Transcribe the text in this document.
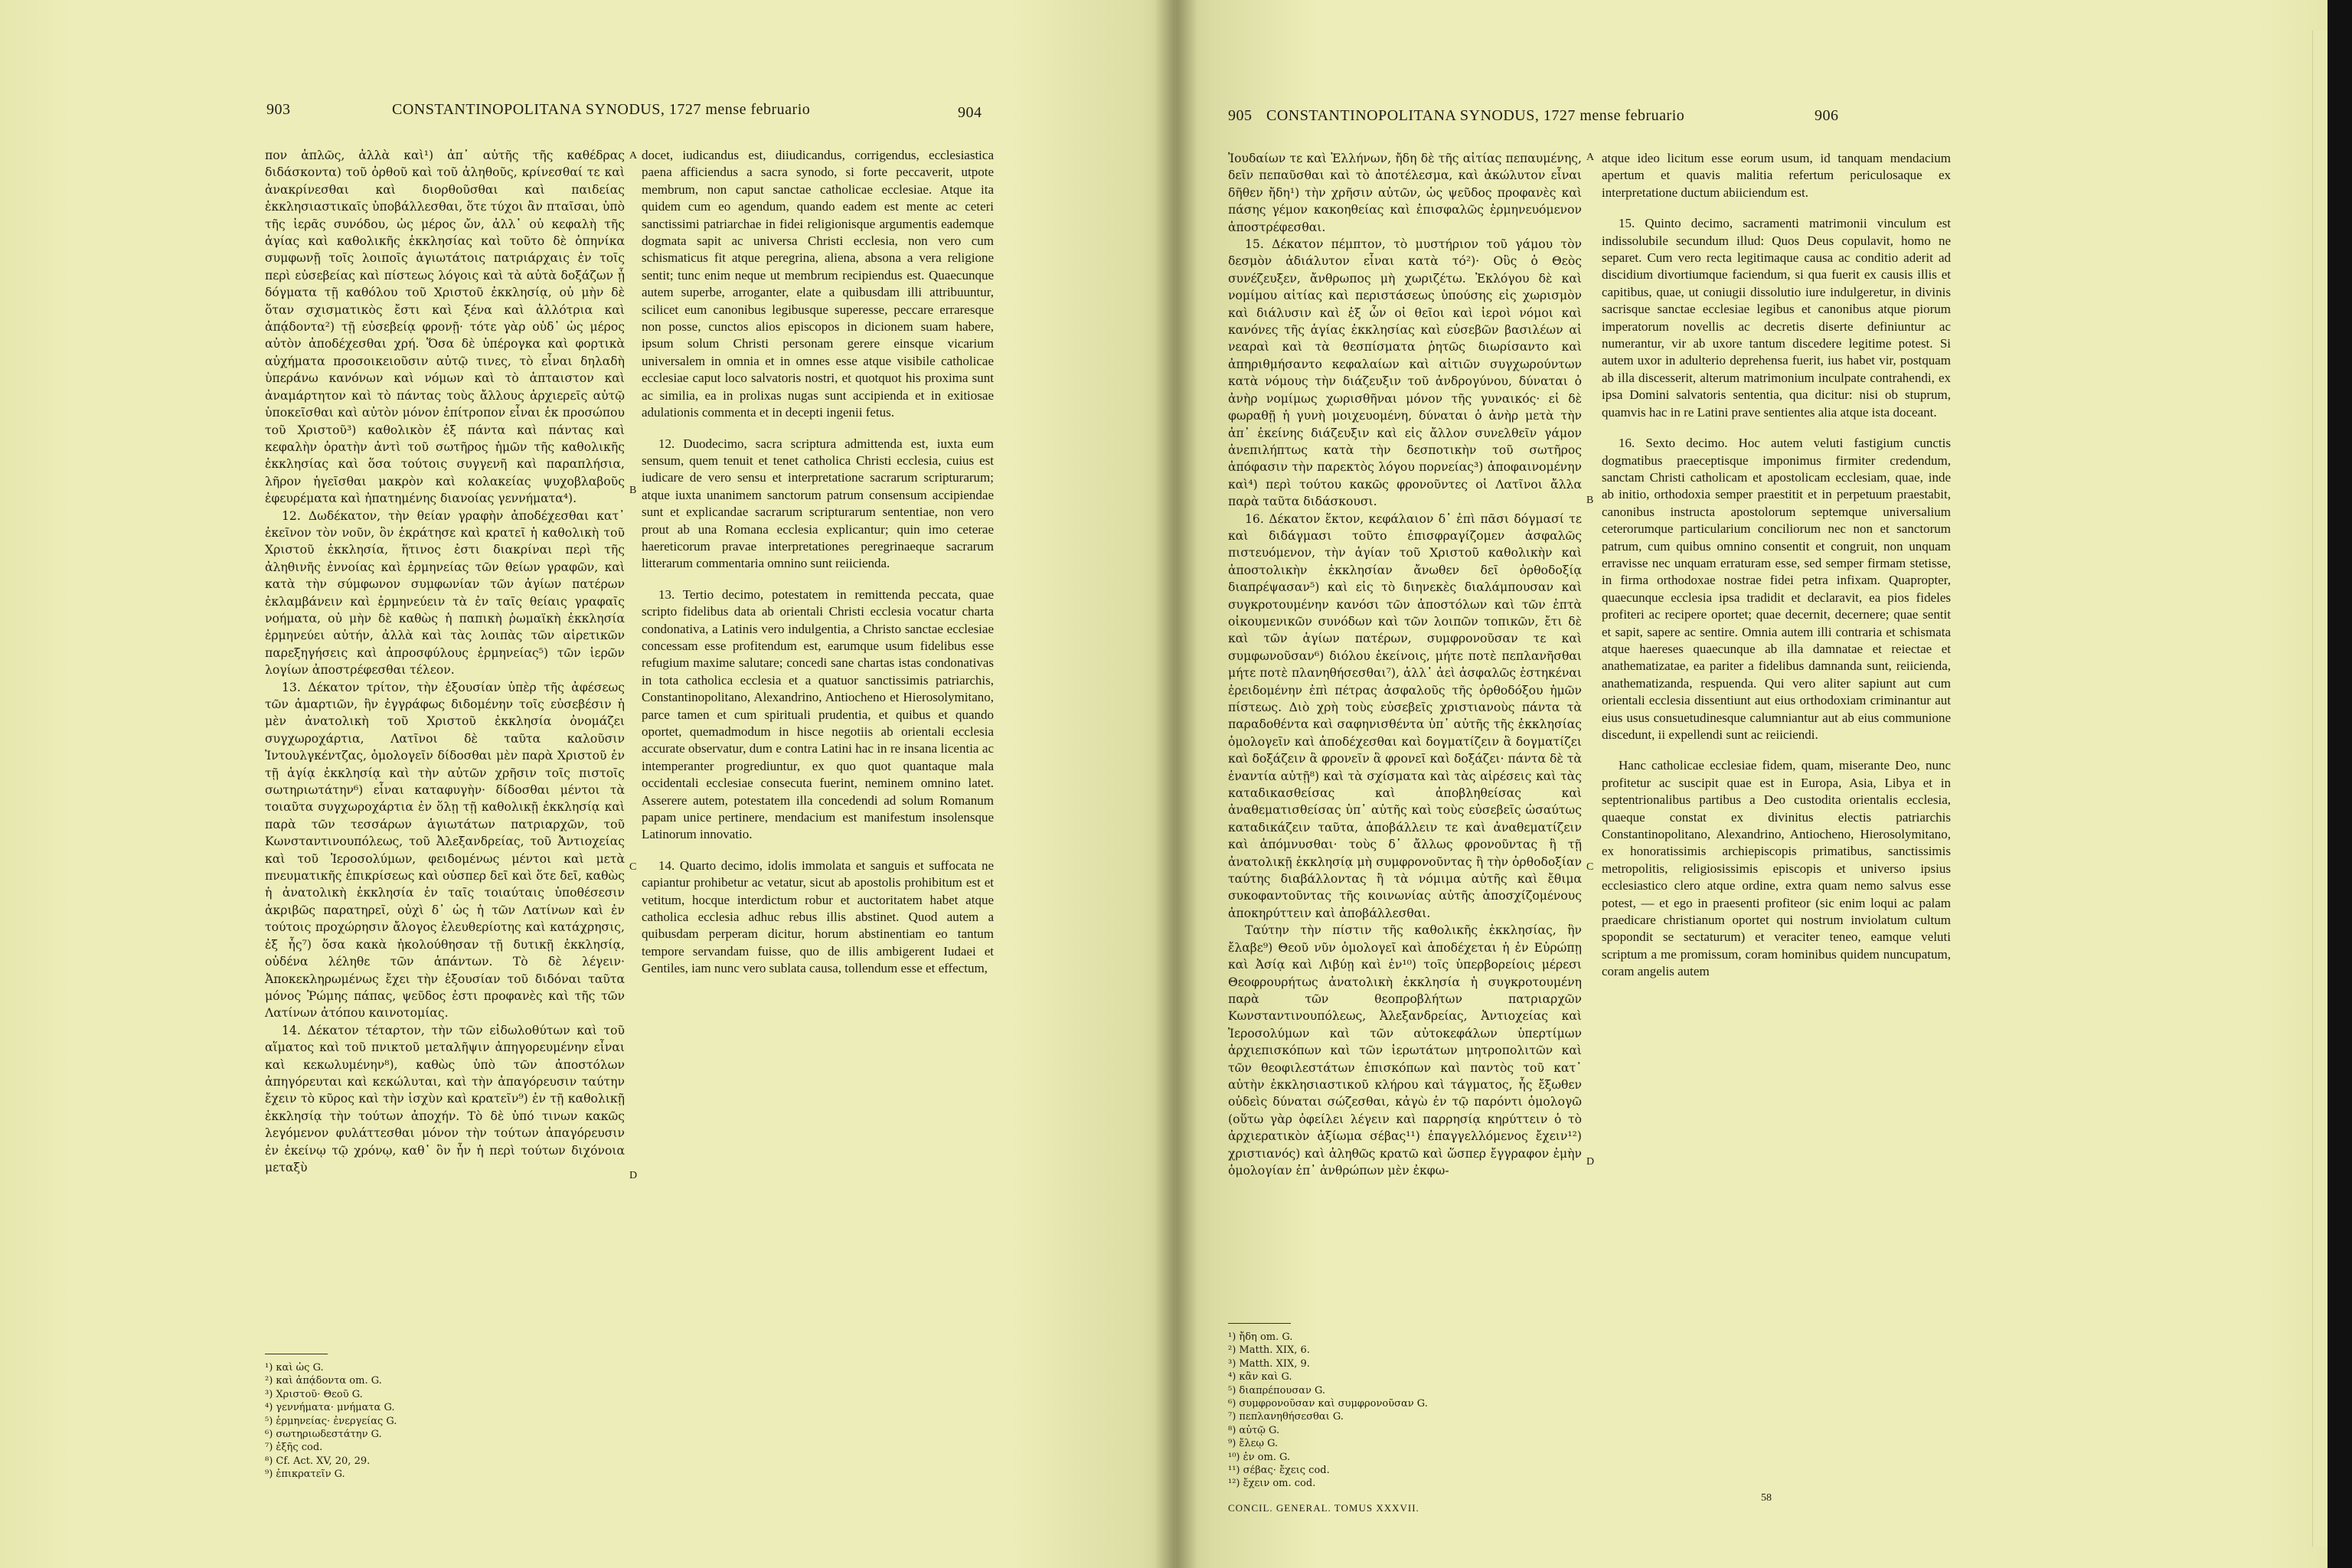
903	CONSTANTINOPOLITANA SYNODUS, 1727 mense februario	904

πον ἁπλῶς, ἀλλὰ καὶ¹) ἀπ᾽ αὐτῆς τῆς καθέδρας διδάσκοντα) τοῦ ὀρθοῦ καὶ τοῦ ἀληθοῦς, κρίνεσθαί τε καὶ ἀνακρίνεσθαι καὶ διορθοῦσθαι καὶ παιδείας ἐκκλησιαστικαῖς ὑποβάλλεσθαι, ὅτε τύχοι ἂν πταῖσαι, ὑπὸ τῆς ἱερᾶς συνόδου, ὡς μέρος ὤν, ἀλλ᾽ οὐ κεφαλὴ τῆς ἁγίας καὶ καθολικῆς ἐκκλησίας καὶ τοῦτο δὲ ὁπηνίκα συμφωνῇ τοῖς λοιποῖς ἁγιωτάτοις πατριάρχαις ἐν τοῖς περὶ εὐσεβείας καὶ πίστεως λόγοις καὶ τὰ αὐτὰ δοξάζων ᾖ δόγματα τῇ καθόλου τοῦ Χριστοῦ ἐκκλησίᾳ, οὐ μὴν δὲ ὅταν σχισματικὸς ἔστι καὶ ξένα καὶ ἀλλότρια καὶ ἀπᾴδοντα²) τῇ εὐσεβείᾳ φρονῇ· τότε γὰρ οὐδ᾽ ὡς μέρος αὐτὸν ἀποδέχεσθαι χρή. Ὅσα δὲ ὑπέρογκα καὶ φορτικὰ αὐχήματα προσοικειοῦσιν αὐτῷ τινες, τὸ εἶναι δηλαδὴ ὑπεράνω κανόνων καὶ νόμων καὶ τὸ ἀπταιστον καὶ ἀναμάρτητον καὶ τὸ πάντας τοὺς ἄλλους ἀρχιερεῖς αὐτῷ ὑποκεῖσθαι καὶ αὐτὸν μόνον ἐπίτροπον εἶναι ἐκ προσώπου τοῦ Χριστοῦ³) καθολικὸν ἐξ πάντα καὶ πάντας καὶ κεφαλὴν ὁρατὴν ἀντὶ τοῦ σωτῆρος ἡμῶν τῆς καθολικῆς ἐκκλησίας καὶ ὅσα τούτοις συγγενῆ καὶ παραπλήσια, λῆρον ἡγεῖσθαι μακρὸν καὶ κολακείας ψυχοβλαβοῦς ἐφευρέματα καὶ ἠπατημένης διανοίας γεννήματα⁴).

12. Δωδέκατον, τὴν θείαν γραφὴν ἀποδέχεσθαι κατ᾽ ἐκεῖνον τὸν νοῦν, ὃν ἐκράτησε καὶ κρατεῖ ἡ καθολικὴ τοῦ Χριστοῦ ἐκκλησία, ἥτινος ἐστι διακρίναι περὶ τῆς ἀληθινῆς ἐννοίας καὶ ἑρμηνείας τῶν θείων γραφῶν, καὶ κατὰ τὴν σύμφωνον συμφωνίαν τῶν ἁγίων πατέρων ἐκλαμβάνειν καὶ ἑρμηνεύειν τὰ ἐν ταῖς θείαις γραφαῖς νοήματα, οὐ μὴν δὲ καθὼς ἡ παπικὴ ῥωμαϊκὴ ἐκκλησία ἑρμηνεύει αὐτήν, ἀλλὰ καὶ τὰς λοιπὰς τῶν αἱρετικῶν παρεξηγήσεις καὶ ἀπροσφύλους ἑρμηνείας⁵) τῶν ἱερῶν λογίων ἀποστρέφεσθαι τέλεον.

13. Δέκατον τρίτον, τὴν ἐξουσίαν ὑπὲρ τῆς ἀφέσεως τῶν ἁμαρτιῶν, ἣν ἐγγράφως διδομένην τοῖς εὐσεβέσιν ἡ μὲν ἀνατολικὴ τοῦ Χριστοῦ ἐκκλησία ὀνομάζει συγχωροχάρτια, Λατῖνοι δὲ ταῦτα καλοῦσιν Ἰντουλγκέντζας, ὁμολογεῖν δίδοσθαι μὲν παρὰ Χριστοῦ ἐν τῇ ἁγίᾳ ἐκκλησίᾳ καὶ τὴν αὐτῶν χρῆσιν τοῖς πιστοῖς σωτηριωτάτην⁶) εἶναι καταφυγὴν· δίδοσθαι μέντοι τὰ τοιαῦτα συγχωροχάρτια ἐν ὅλῃ τῇ καθολικῇ ἐκκλησίᾳ καὶ παρὰ τῶν τεσσάρων ἁγιωτάτων πατριαρχῶν, τοῦ Κωνσταντινουπόλεως, τοῦ Ἀλεξανδρείας, τοῦ Ἀντιοχείας καὶ τοῦ Ἱεροσολύμων, φειδομένως μέντοι καὶ μετὰ πνευματικῆς ἐπικρίσεως καὶ οὐσπερ δεῖ καὶ ὅτε δεῖ, καθὼς ἡ ἀνατολικὴ ἐκκλησία ἐν ταῖς τοιαύταις ὑποθέσεσιν ἀκριβῶς παρατηρεῖ, οὐχὶ δ᾽ ὡς ἡ τῶν Λατίνων καὶ ἐν τούτοις προχώρησιν ἄλογος ἐλευθερίοτης καὶ κατάχρησις, ἐξ ἧς⁷) ὅσα κακὰ ἠκολούθησαν τῇ δυτικῇ ἐκκλησίᾳ, οὐδένα λέληθε τῶν ἁπάντων. Τὸ δὲ λέγειν· Ἀποκεκληρωμένως ἔχει τὴν ἐξουσίαν τοῦ διδόναι ταῦτα μόνος Ῥώμης πάπας, ψεῦδος ἐστι προφανὲς καὶ τῆς τῶν Λατίνων ἀτόπου καινοτομίας.

14. Δέκατον τέταρτον, τὴν τῶν εἰδωλοθύτων καὶ τοῦ αἵματος καὶ τοῦ πνικτοῦ μεταλῆψιν ἀπηγορευμένην εἶναι καὶ κεκωλυμένην⁸), καθὼς ὑπὸ τῶν ἀποστόλων ἀπηγόρευται καὶ κεκώλυται, καὶ τὴν ἀπαγόρευσιν ταύτην ἔχειν τὸ κῦρος καὶ τὴν ἰσχὺν καὶ κρατεῖν⁹) ἐν τῇ καθολικῇ ἐκκλησίᾳ τὴν τούτων ἀποχήν. Τὸ δὲ ὑπό τινων κακῶς λεγόμενον φυλάττεσθαι μόνον τὴν τούτων ἀπαγόρευσιν ἐν ἐκείνῳ τῷ χρόνῳ, καθ᾽ ὃν ἦν ἡ περὶ τούτων διχόνοια μεταξὺ

docet, iudicandus est, diiudicandus, corrigendus, ecclesiastica paena afficiendus a sacra synodo, si forte peccaverit, utpote membrum, non caput sanctae catholicae ecclesiae. Atque ita quidem cum eo agendum, quando eadem est mente ac ceteri sanctissimi patriarchae in fidei religionisque argumentis eademque dogmata sapit ac universa Christi ecclesia, non vero cum schismaticus fit atque peregrina, aliena, absona a vera religione sentit; tunc enim neque ut membrum recipiendus est. Quaecunque autem superbe, arroganter, elate a quibusdam illi attribuuntur, scilicet eum canonibus legibusque superesse, peccare erraresque non posse, cunctos alios episcopos in dicionem suam habere, ipsum solum Christi personam gerere einsque vicarium universalem in omnia et in omnes esse atque visibile catholicae ecclesiae caput loco salvatoris nostri, et quotquot his proxima sunt ac similia, ea in prolixas nugas sunt accipienda et in exitiosae adulationis commenta et in decepti ingenii fetus.

12. Duodecimo, sacra scriptura admittenda est, iuxta eum sensum, quem tenuit et tenet catholica Christi ecclesia, cuius est iudicare de vero sensu et interpretatione sacrarum scripturarum; atque iuxta unanimem sanctorum patrum consensum accipiendae sunt et explicandae sacrarum scripturarum sententiae, non vero prout ab una Romana ecclesia explicantur; quin imo ceterae haereticorum pravae interpretationes peregrinaeque sacrarum litterarum commentaria omnino sunt reiicienda.

13. Tertio decimo, potestatem in remittenda peccata, quae scripto fidelibus data ab orientali Christi ecclesia vocatur charta condonativa, a Latinis vero indulgentia, a Christo sanctae ecclesiae concessam esse profitendum est, earumque usum fidelibus esse refugium maxime salutare; concedi sane chartas istas condonativas in tota catholica ecclesia et a quatuor sanctissimis patriarchis, Constantinopolitano, Alexandrino, Antiocheno et Hierosolymitano, parce tamen et cum spirituali prudentia, et quibus et quando oportet, quemadmodum in hisce negotiis ab orientali ecclesia accurate observatur, dum e contra Latini hac in re insana licentia ac intemperanter progrediuntur, ex quo quot quantaque mala occidentali ecclesiae consecuta fuerint, neminem omnino latet. Asserere autem, potestatem illa concedendi ad solum Romanum papam unice pertinere, mendacium est manifestum insolensque Latinorum innovatio.

14. Quarto decimo, idolis immolata et sanguis et suffocata ne capiantur prohibetur ac vetatur, sicut ab apostolis prohibitum est et vetitum, hocque interdictum robur et auctoritatem habet atque catholica ecclesia adhuc rebus illis abstinet. Quod autem a quibusdam perperam dicitur, horum abstinentiam eo tantum tempore servandam fuisse, quo de illis ambigerent Iudaei et Gentiles, iam nunc vero sublata causa, tollendum esse et effectum,

A
B
C
D
¹) καὶ ὡς G.
²) καὶ ἀπᾴδοντα om. G.
³) Χριστοῦ· Θεοῦ G.
⁴) γεννήματα· μνήματα G.
⁵) ἑρμηνείας· ἐνεργείας G.
⁶) σωτηριωδεστάτην G.
⁷) ἐξῆς cod.
⁸) Cf. Act. XV, 20, 29.
⁹) ἐπικρατεῖν G.
905 CONSTANTINOPOLITANA SYNODUS, 1727 mense februario	906

Ἰουδαίων τε καὶ Ἑλλήνων, ἤδη δὲ τῆς αἰτίας πεπαυμένης, δεῖν πεπαῦσθαι καὶ τὸ ἀποτέλεσμα, καὶ ἀκώλυτον εἶναι δῆθεν ἤδη¹) τὴν χρῆσιν αὐτῶν, ὡς ψεῦδος προφανὲς καὶ πάσης γέμον κακοηθείας καὶ ἐπισφαλῶς ἑρμηνευόμενον ἀποστρέφεσθαι.

15. Δέκατον πέμπτον, τὸ μυστήριον τοῦ γάμου τὸν δεσμὸν ἀδιάλυτον εἶναι κατὰ τό²)· Οὓς ὁ Θεὸς συνέζευξεν, ἄνθρωπος μὴ χωριζέτω. Ἐκλόγου δὲ καὶ νομίμου αἰτίας καὶ περιστάσεως ὑπούσης εἰς χωρισμὸν καὶ διάλυσιν καὶ ἐξ ὧν οἱ θεῖοι καὶ ἱεροὶ νόμοι καὶ κανόνες τῆς ἁγίας ἐκκλησίας καὶ εὐσεβῶν βασιλέων αἱ νεαραὶ καὶ τὰ θεσπίσματα ῥητῶς διωρίσαντο καὶ ἀπηριθμήσαντο κεφαλαίων καὶ αἰτιῶν συγχωρούντων κατὰ νόμους τὴν διάζευξιν τοῦ ἀνδρογύνου, δύναται ὁ ἀνὴρ νομίμως χωρισθῆναι μόνον τῆς γυναικός· εἰ δὲ φωραθῇ ἡ γυνὴ μοιχευομένη, δύναται ὁ ἀνὴρ μετὰ τὴν ἀπ᾽ ἐκείνης διάζευξιν καὶ εἰς ἄλλον συνελθεῖν γάμον ἀνεπιλήπτως κατὰ τὴν δεσποτικὴν τοῦ σωτῆρος ἀπόφασιν τὴν παρεκτὸς λόγου πορνείας³) ἀποφαινομένην καὶ⁴) περὶ τούτου κακῶς φρονοῦντες οἱ Λατῖνοι ἄλλα παρὰ ταῦτα διδάσκουσι.

16. Δέκατον ἕκτον, κεφάλαιον δ᾽ ἐπὶ πᾶσι δόγμασί τε καὶ διδάγμασι τοῦτο ἐπισφραγίζομεν ἀσφαλῶς πιστευόμενον, τὴν ἁγίαν τοῦ Χριστοῦ καθολικὴν καὶ ἀποστολικὴν ἐκκλησίαν ἄνωθεν δεῖ ὀρθοδοξίᾳ διαπρέψασαν⁵) καὶ εἰς τὸ διηνεκὲς διαλάμπουσαν καὶ συγκροτουμένην κανόσι τῶν ἀποστόλων καὶ τῶν ἑπτὰ οἰκουμενικῶν συνόδων καὶ τῶν λοιπῶν τοπικῶν, ἔτι δὲ καὶ τῶν ἁγίων πατέρων, συμφρονοῦσαν τε καὶ συμφωνοῦσαν⁶) διόλου ἐκείνοις, μήτε ποτὲ πεπλανῆσθαι μήτε ποτὲ πλανηθήσεσθαι⁷), ἀλλ᾽ ἀεὶ ἀσφαλῶς ἑστηκέναι ἐρειδομένην ἐπὶ πέτρας ἀσφαλοῦς τῆς ὀρθοδόξου ἡμῶν πίστεως. Διὸ χρὴ τοὺς εὐσεβεῖς χριστιανοὺς πάντα τὰ παραδοθέντα καὶ σαφηνισθέντα ὑπ᾽ αὐτῆς τῆς ἐκκλησίας ὁμολογεῖν καὶ ἀποδέχεσθαι καὶ δογματίζειν ἃ δογματίζει καὶ δοξάζειν ἃ φρονεῖν ἃ φρονεῖ καὶ δοξάζει· πάντα δὲ τὰ ἐναντία αὐτῇ⁸) καὶ τὰ σχίσματα καὶ τὰς αἱρέσεις καὶ τὰς καταδικασθείσας καὶ ἀποβληθείσας καὶ ἀναθεματισθείσας ὑπ᾽ αὐτῆς καὶ τοὺς εὐσεβεῖς ὡσαύτως καταδικάζειν ταῦτα, ἀποβάλλειν τε καὶ ἀναθεματίζειν καὶ ἀπόμνυσθαι· τοὺς δ᾽ ἄλλως φρονοῦντας ἢ τῇ ἀνατολικῇ ἐκκλησίᾳ μὴ συμφρονοῦντας ἢ τὴν ὀρθοδοξίαν ταύτης διαβάλλοντας ἢ τὰ νόμιμα αὐτῆς καὶ ἔθιμα συκοφαντοῦντας τῆς κοινωνίας αὐτῆς ἀποσχίζομένους ἀποκηρύττειν καὶ ἀποβάλλεσθαι.

Ταύτην τὴν πίστιν τῆς καθολικῆς ἐκκλησίας, ἣν ἔλαβε⁹) Θεοῦ νῦν ὁμολογεῖ καὶ ἀποδέχεται ἡ ἐν Εὐρώπῃ καὶ Ἀσίᾳ καὶ Λιβύῃ καὶ ἐν¹⁰) τοῖς ὑπερβορείοις μέρεσι Θεοφρουρήτως ἀνατολικὴ ἐκκλησία ἡ συγκροτουμένη παρὰ τῶν θεοπροβλήτων πατριαρχῶν Κωνσταντινουπόλεως, Ἀλεξανδρείας, Ἀντιοχείας καὶ Ἱεροσολύμων καὶ τῶν αὐτοκεφάλων ὑπερτίμων ἀρχιεπισκόπων καὶ τῶν ἱερωτάτων μητροπολιτῶν καὶ τῶν θεοφιλεστάτων ἐπισκόπων καὶ παντὸς τοῦ κατ᾽ αὐτὴν ἐκκλησιαστικοῦ κλήρου καὶ τάγματος, ἧς ἔξωθεν οὐδεὶς δύναται σώζεσθαι, κἀγὼ ἐν τῷ παρόντι ὁμολογῶ (οὕτω γὰρ ὀφείλει λέγειν καὶ παρρησίᾳ κηρύττειν ὁ τὸ ἀρχιερατικὸν ἀξίωμα σέβας¹¹) ἐπαγγελλόμενος ἔχειν¹²) χριστιανός) καὶ ἀληθῶς κρατῶ καὶ ὥσπερ ἔγγραφον ἐμὴν ὁμολογίαν ἐπ᾽ ἀνθρώπων μὲν ἐκφω-

atque ideo licitum esse eorum usum, id tanquam mendacium apertum et quavis malitia refertum periculosaque ex interpretatione ductum abiiciendum est.

15. Quinto decimo, sacramenti matrimonii vinculum est indissolubile secundum illud: Quos Deus copulavit, homo ne separet. Cum vero recta legitimaque causa ac conditio aderit ad discidium divortiumque faciendum, si qua fuerit ex causis illis et capitibus, quae, ut coniugii dissolutio iure indulgeretur, in divinis sacrisque sanctae ecclesiae legibus et canonibus atque piorum imperatorum novellis ac decretis diserte definiuntur ac numerantur, vir ab uxore tantum discedere legitime potest. Si autem uxor in adulterio deprehensa fuerit, ius habet vir, postquam ab illa discesserit, alterum matrimonium inculpate contrahendi, ex ipsa Domini salvatoris sententia, qua dicitur: nisi ob stuprum, quamvis hac in re Latini prave sentientes alia atque ista doceant.

16. Sexto decimo. Hoc autem veluti fastigium cunctis dogmatibus praeceptisque imponimus firmiter credendum, sanctam Christi catholicam et apostolicam ecclesiam, quae, inde ab initio, orthodoxia semper praestitit et in perpetuum praestabit, canonibus instructa apostolorum septemque universalium ceterorumque particularium conciliorum nec non et sanctorum patrum, cum quibus omnino consentit et congruit, non unquam erravisse nec unquam erraturam esse, sed semper firmam stetisse, in firma orthodoxae nostrae fidei petra infixam. Quapropter, quaecunque ecclesia ipsa tradidit et declaravit, ea pios fideles profiteri ac recipere oportet; quae decernit, decernere; quae sentit et sapit, sapere ac sentire. Omnia autem illi contraria et schismata atque haereses quaecunque ab illa damnatae et reiectae et anathematizatae, ea pariter a fidelibus damnanda sunt, reiicienda, anathematizanda, respuenda. Qui vero aliter sapiunt aut cum orientali ecclesia dissentiunt aut eius orthodoxiam criminantur aut eius usus consuetudinesque calumniantur aut ab eius communione discedunt, ii expellendi sunt ac reiiciendi.

Hanc catholicae ecclesiae fidem, quam, miserante Deo, nunc profitetur ac suscipit quae est in Europa, Asia, Libya et in septentrionalibus partibus a Deo custodita orientalis ecclesia, quaeque constat ex divinitus electis patriarchis Constantinopolitano, Alexandrino, Antiocheno, Hierosolymitano, ex honoratissimis archiepiscopis primatibus, sanctissimis metropolitis, religiosissimis episcopis et universo ipsius ecclesiastico clero atque ordine, extra quam nemo salvus esse potest, — et ego in praesenti profiteor (sic enim loqui ac palam praedicare christianum oportet qui nostrum inviolatum cultum spopondit se sectaturum) et veraciter teneo, eamque veluti scriptum a me promissum, coram hominibus quidem nuncupatum, coram angelis autem

A
B
C
D
¹) ἤδη om. G.
²) Matth. XIX, 6.
³) Matth. XIX, 9.
⁴) κἂν καὶ G.
⁵) διαπρέπουσαν G.
⁶) συμφρονοῦσαν καὶ συμφρονοῦσαν G.
⁷) πεπλανηθήσεσθαι G.
⁸) αὐτῷ G.
⁹) ἔλεῳ G.
¹⁰) ἐν om. G.
¹¹) σέβας· ἔχεις cod.
¹²) ἔχειν om. cod.
CONCIL. GENERAL. TOMUS XXXVII.
58
